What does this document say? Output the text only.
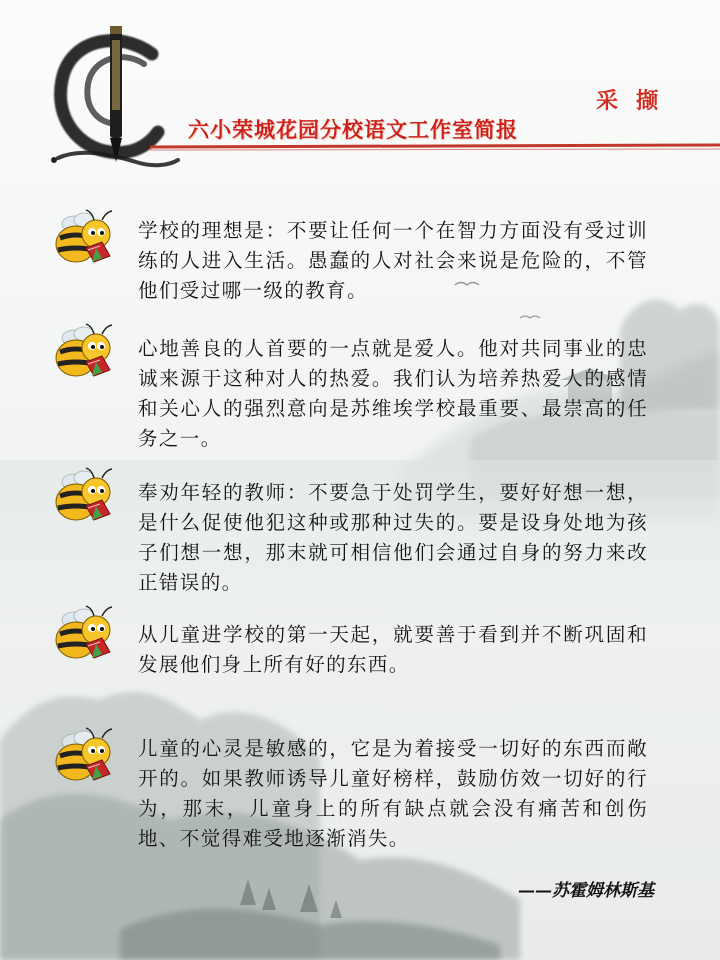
采撷
六小荣城花园分校语文工作室简报

学校的理想是：不要让任何一个在智力方面没有受过训练的人进入生活。愚蠢的人对社会来说是危险的，不管他们受过哪一级的教育。

心地善良的人首要的一点就是爱人。他对共同事业的忠诚来源于这种对人的热爱。我们认为培养热爱人的感情和关心人的强烈意向是苏维埃学校最重要、最崇高的任务之一。

奉劝年轻的教师：不要急于处罚学生，要好好想一想，是什么促使他犯这种或那种过失的。要是设身处地为孩子们想一想，那末就可相信他们会通过自身的努力来改正错误的。

从儿童进学校的第一天起，就要善于看到并不断巩固和发展他们身上所有好的东西。

儿童的心灵是敏感的，它是为着接受一切好的东西而敞开的。如果教师诱导儿童好榜样，鼓励仿效一切好的行为，那末，儿童身上的所有缺点就会没有痛苦和创伤地、不觉得难受地逐渐消失。

——苏霍姆林斯基
